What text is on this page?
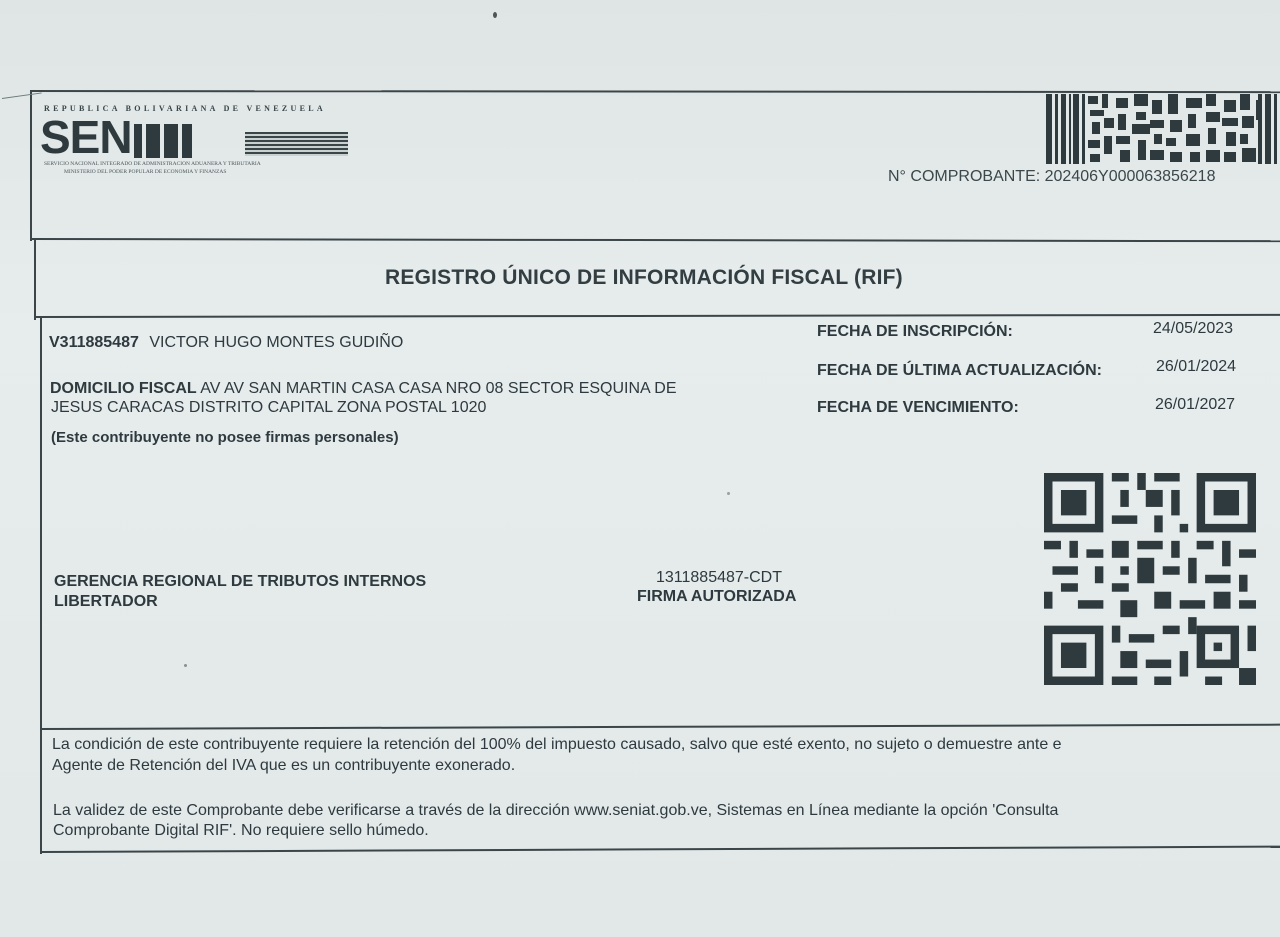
REPUBLICA BOLIVARIANA DE VENEZUELA
SEN
SERVICIO NACIONAL INTEGRADO DE ADMINISTRACION ADUANERA Y TRIBUTARIA
MINISTERIO DEL PODER POPULAR DE ECONOMIA Y FINANZAS	N° COMPROBANTE: 202406Y000063856218
REGISTRO ÚNICO DE INFORMACIÓN FISCAL (RIF)
V311885487 VICTOR HUGO MONTES GUDIÑO
DOMICILIO FISCAL AV AV SAN MARTIN CASA CASA NRO 08 SECTOR ESQUINA DE
JESUS CARACAS DISTRITO CAPITAL ZONA POSTAL 1020
(Este contribuyente no posee firmas personales)
FECHA DE INSCRIPCIÓN:	24/05/2023
FECHA DE ÚLTIMA ACTUALIZACIÓN:	26/01/2024
FECHA DE VENCIMIENTO:	26/01/2027
GERENCIA REGIONAL DE TRIBUTOS INTERNOS
LIBERTADOR
1311885487-CDT
FIRMA AUTORIZADA
La condición de este contribuyente requiere la retención del 100% del impuesto causado, salvo que esté exento, no sujeto o demuestre ante e
Agente de Retención del IVA que es un contribuyente exonerado.
La validez de este Comprobante debe verificarse a través de la dirección www.seniat.gob.ve, Sistemas en Línea mediante la opción 'Consulta
Comprobante Digital RIF'. No requiere sello húmedo.
